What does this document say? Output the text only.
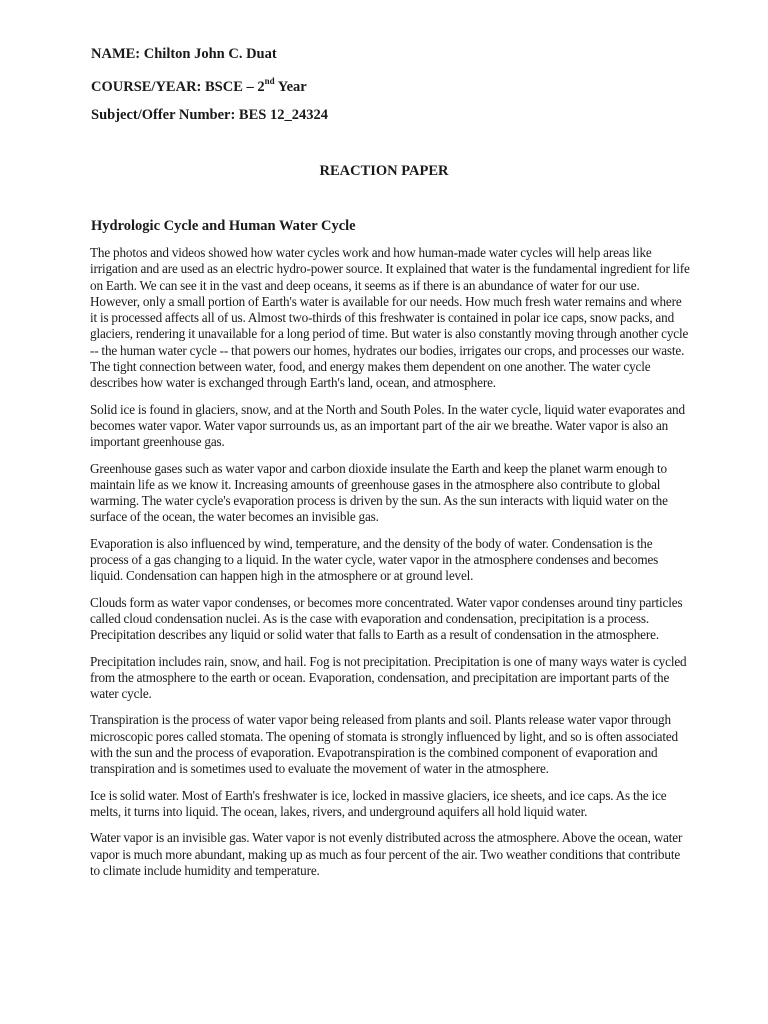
NAME: Chilton John C. Duat
COURSE/YEAR: BSCE – 2nd Year
Subject/Offer Number: BES 12_24324
REACTION PAPER
Hydrologic Cycle and Human Water Cycle

The photos and videos showed how water cycles work and how human-made water cycles will help areas like irrigation and are used as an electric hydro-power source. It explained that water is the fundamental ingredient for life on Earth. We can see it in the vast and deep oceans, it seems as if there is an abundance of water for our use. However, only a small portion of Earth's water is available for our needs. How much fresh water remains and where it is processed affects all of us. Almost two-thirds of this freshwater is contained in polar ice caps, snow packs, and glaciers, rendering it unavailable for a long period of time. But water is also constantly moving through another cycle -- the human water cycle -- that powers our homes, hydrates our bodies, irrigates our crops, and processes our waste. The tight connection between water, food, and energy makes them dependent on one another. The water cycle describes how water is exchanged through Earth's land, ocean, and atmosphere.

Solid ice is found in glaciers, snow, and at the North and South Poles. In the water cycle, liquid water evaporates and becomes water vapor. Water vapor surrounds us, as an important part of the air we breathe. Water vapor is also an important greenhouse gas.

Greenhouse gases such as water vapor and carbon dioxide insulate the Earth and keep the planet warm enough to maintain life as we know it. Increasing amounts of greenhouse gases in the atmosphere also contribute to global warming. The water cycle's evaporation process is driven by the sun. As the sun interacts with liquid water on the surface of the ocean, the water becomes an invisible gas.

Evaporation is also influenced by wind, temperature, and the density of the body of water. Condensation is the process of a gas changing to a liquid. In the water cycle, water vapor in the atmosphere condenses and becomes liquid. Condensation can happen high in the atmosphere or at ground level.

Clouds form as water vapor condenses, or becomes more concentrated. Water vapor condenses around tiny particles called cloud condensation nuclei. As is the case with evaporation and condensation, precipitation is a process. Precipitation describes any liquid or solid water that falls to Earth as a result of condensation in the atmosphere.

Precipitation includes rain, snow, and hail. Fog is not precipitation. Precipitation is one of many ways water is cycled from the atmosphere to the earth or ocean. Evaporation, condensation, and precipitation are important parts of the water cycle.

Transpiration is the process of water vapor being released from plants and soil. Plants release water vapor through microscopic pores called stomata. The opening of stomata is strongly influenced by light, and so is often associated with the sun and the process of evaporation. Evapotranspiration is the combined component of evaporation and transpiration and is sometimes used to evaluate the movement of water in the atmosphere.

Ice is solid water. Most of Earth's freshwater is ice, locked in massive glaciers, ice sheets, and ice caps. As the ice melts, it turns into liquid. The ocean, lakes, rivers, and underground aquifers all hold liquid water.

Water vapor is an invisible gas. Water vapor is not evenly distributed across the atmosphere. Above the ocean, water vapor is much more abundant, making up as much as four percent of the air. Two weather conditions that contribute to climate include humidity and temperature.
